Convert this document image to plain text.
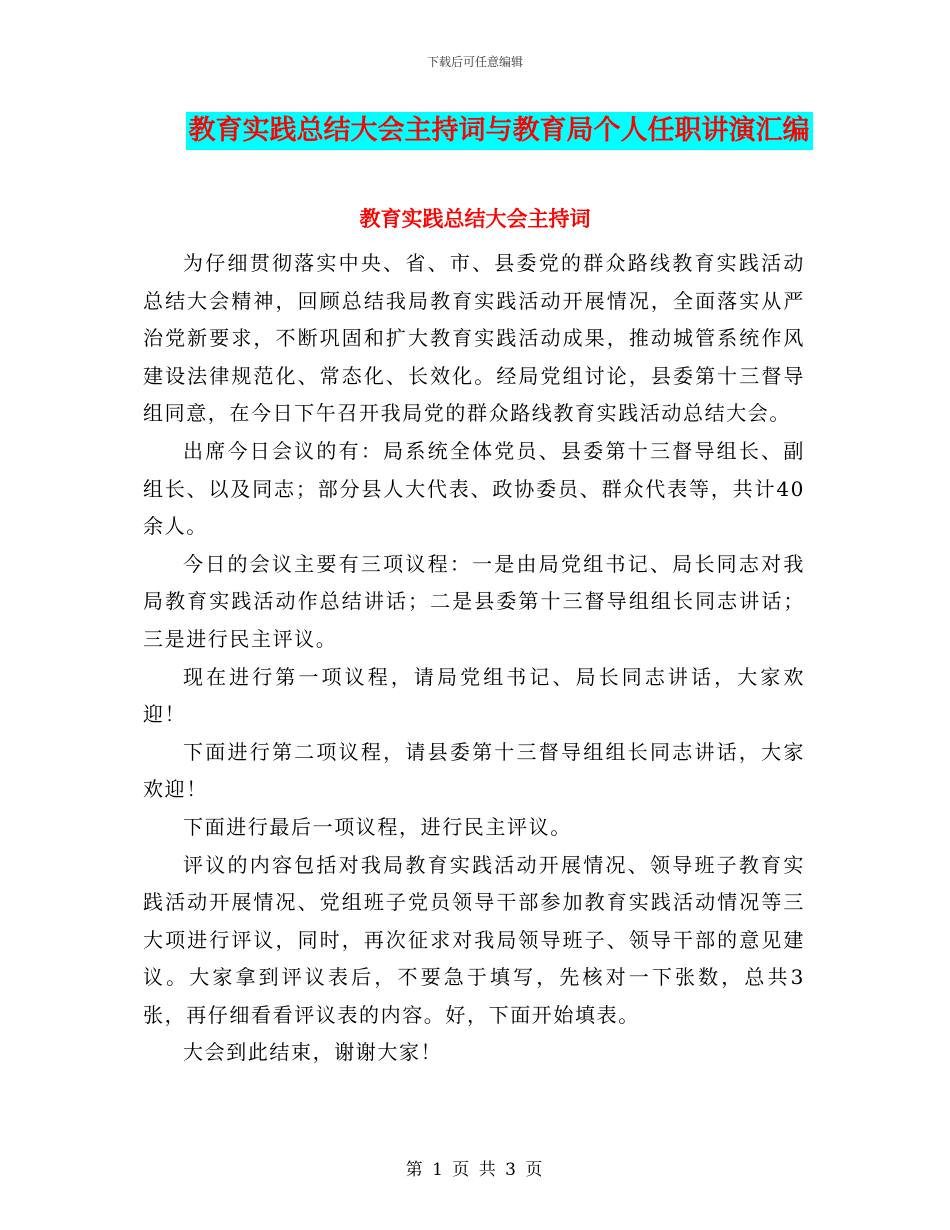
下载后可任意编辑
教育实践总结大会主持词与教育局个人任职讲演汇编
教育实践总结大会主持词

为仔细贯彻落实中央、省、市、县委党的群众路线教育实践活动总结大会精神，回顾总结我局教育实践活动开展情况，全面落实从严治党新要求，不断巩固和扩大教育实践活动成果，推动城管系统作风建设法律规范化、常态化、长效化。经局党组讨论，县委第十三督导组同意，在今日下午召开我局党的群众路线教育实践活动总结大会。

出席今日会议的有：局系统全体党员、县委第十三督导组长、副组长、以及同志；部分县人大代表、政协委员、群众代表等，共计40余人。

今日的会议主要有三项议程：一是由局党组书记、局长同志对我局教育实践活动作总结讲话；二是县委第十三督导组组长同志讲话；三是进行民主评议。

现在进行第一项议程，请局党组书记、局长同志讲话，大家欢迎！

下面进行第二项议程，请县委第十三督导组组长同志讲话，大家欢迎！

下面进行最后一项议程，进行民主评议。

评议的内容包括对我局教育实践活动开展情况、领导班子教育实践活动开展情况、党组班子党员领导干部参加教育实践活动情况等三大项进行评议，同时，再次征求对我局领导班子、领导干部的意见建议。大家拿到评议表后，不要急于填写，先核对一下张数，总共3张，再仔细看看评议表的内容。好，下面开始填表。

大会到此结束，谢谢大家！

第 1 页 共 3 页
